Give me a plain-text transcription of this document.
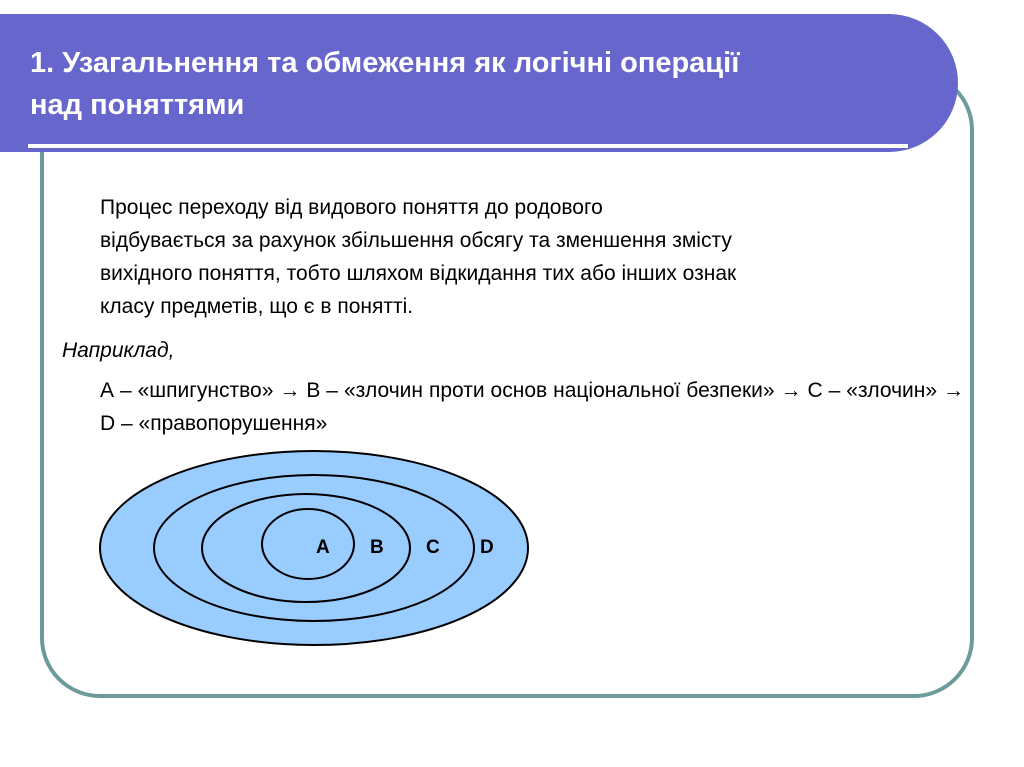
1. Узагальнення та обмеження як логічні операції
над поняттями

Процес переходу від видового поняття до родового
відбувається за рахунок збільшення обсягу та зменшення змісту
вихідного поняття, тобто шляхом відкидання тих або інших ознак
класу предметів, що є в понятті.

Наприклад,

А – «шпигунство» → В – «злочин проти основ національної безпеки» → С – «злочин» → D – «правопорушення»

А В С D
